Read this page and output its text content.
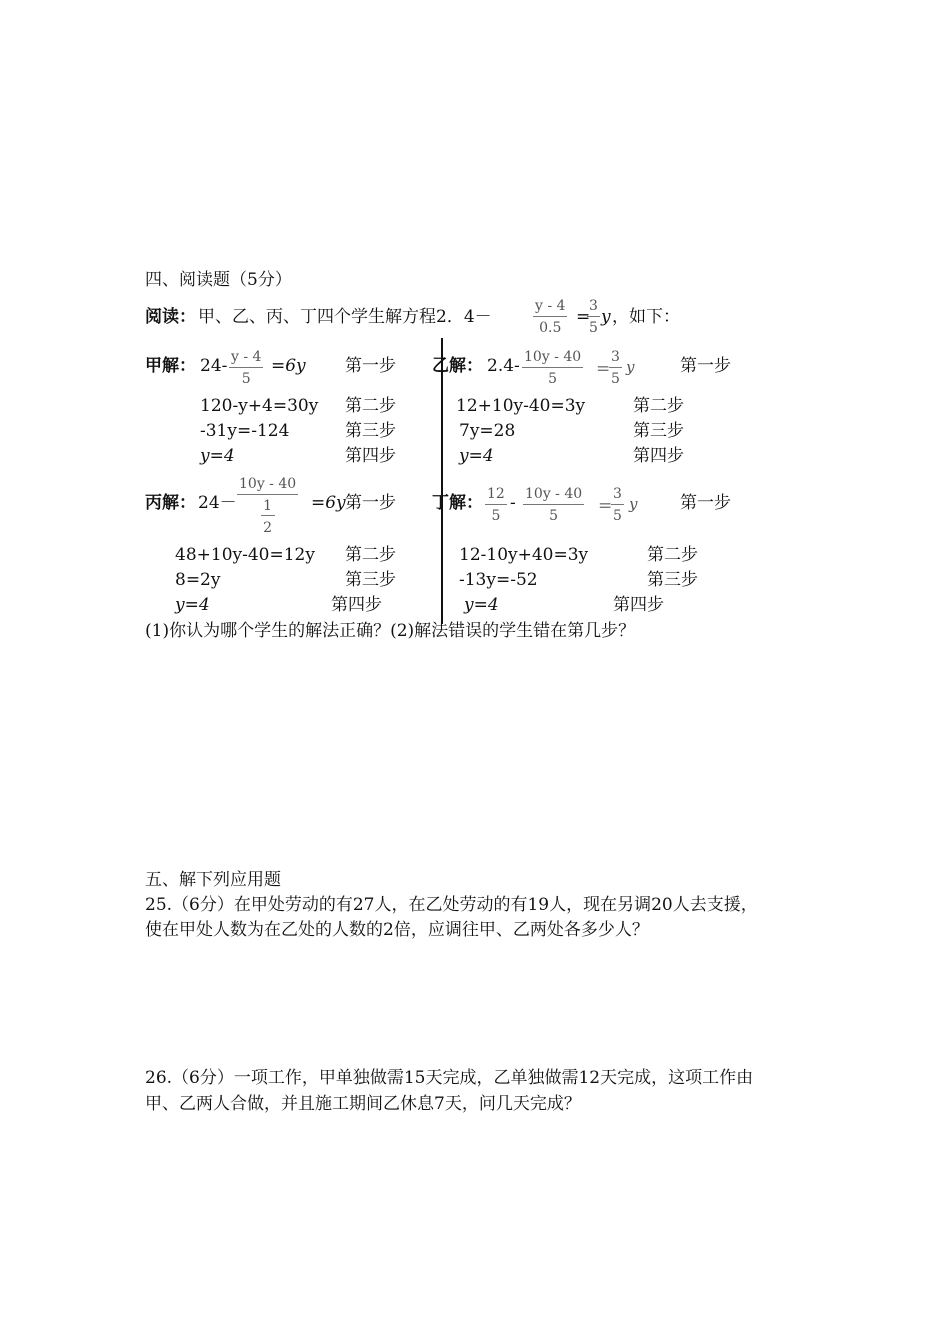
四、阅读题（5分）
阅读： 甲、乙、丙、丁四个学生解方程2．4－
y - 4
0.5
=
3
5
y ，如下：
甲解： 24- y - 4
5
=6y 第一步
120-y+4=30y 第二步
-31y=-124	第三步
y=4	第四步
乙解： 2.4- 10y - 40
5 =
3
5
y	第一步
12+10y-40=3y	第二步
7y=28	第三步
y=4	第四步
丙解： 24－
10y - 40
1
2
=6y 第一步
48+10y-40=12y 第二步
8=2y	第三步
y=4	第四步
丁解： 12
5
- 10y - 40
5 =
3
5
y	第一步
12-10y+40=3y	第二步
-13y=-52	第三步
y=4	第四步
(1)你认为哪个学生的解法正确？(2)解法错误的学生错在第几步？
五、解下列应用题
25.（6分）在甲处劳动的有27人，在乙处劳动的有19人，现在另调20人去支援，
使在甲处人数为在乙处的人数的2倍，应调往甲、乙两处各多少人？
26.（6分）一项工作，甲单独做需15天完成，乙单独做需12天完成，这项工作由
甲、乙两人合做，并且施工期间乙休息7天，问几天完成？
